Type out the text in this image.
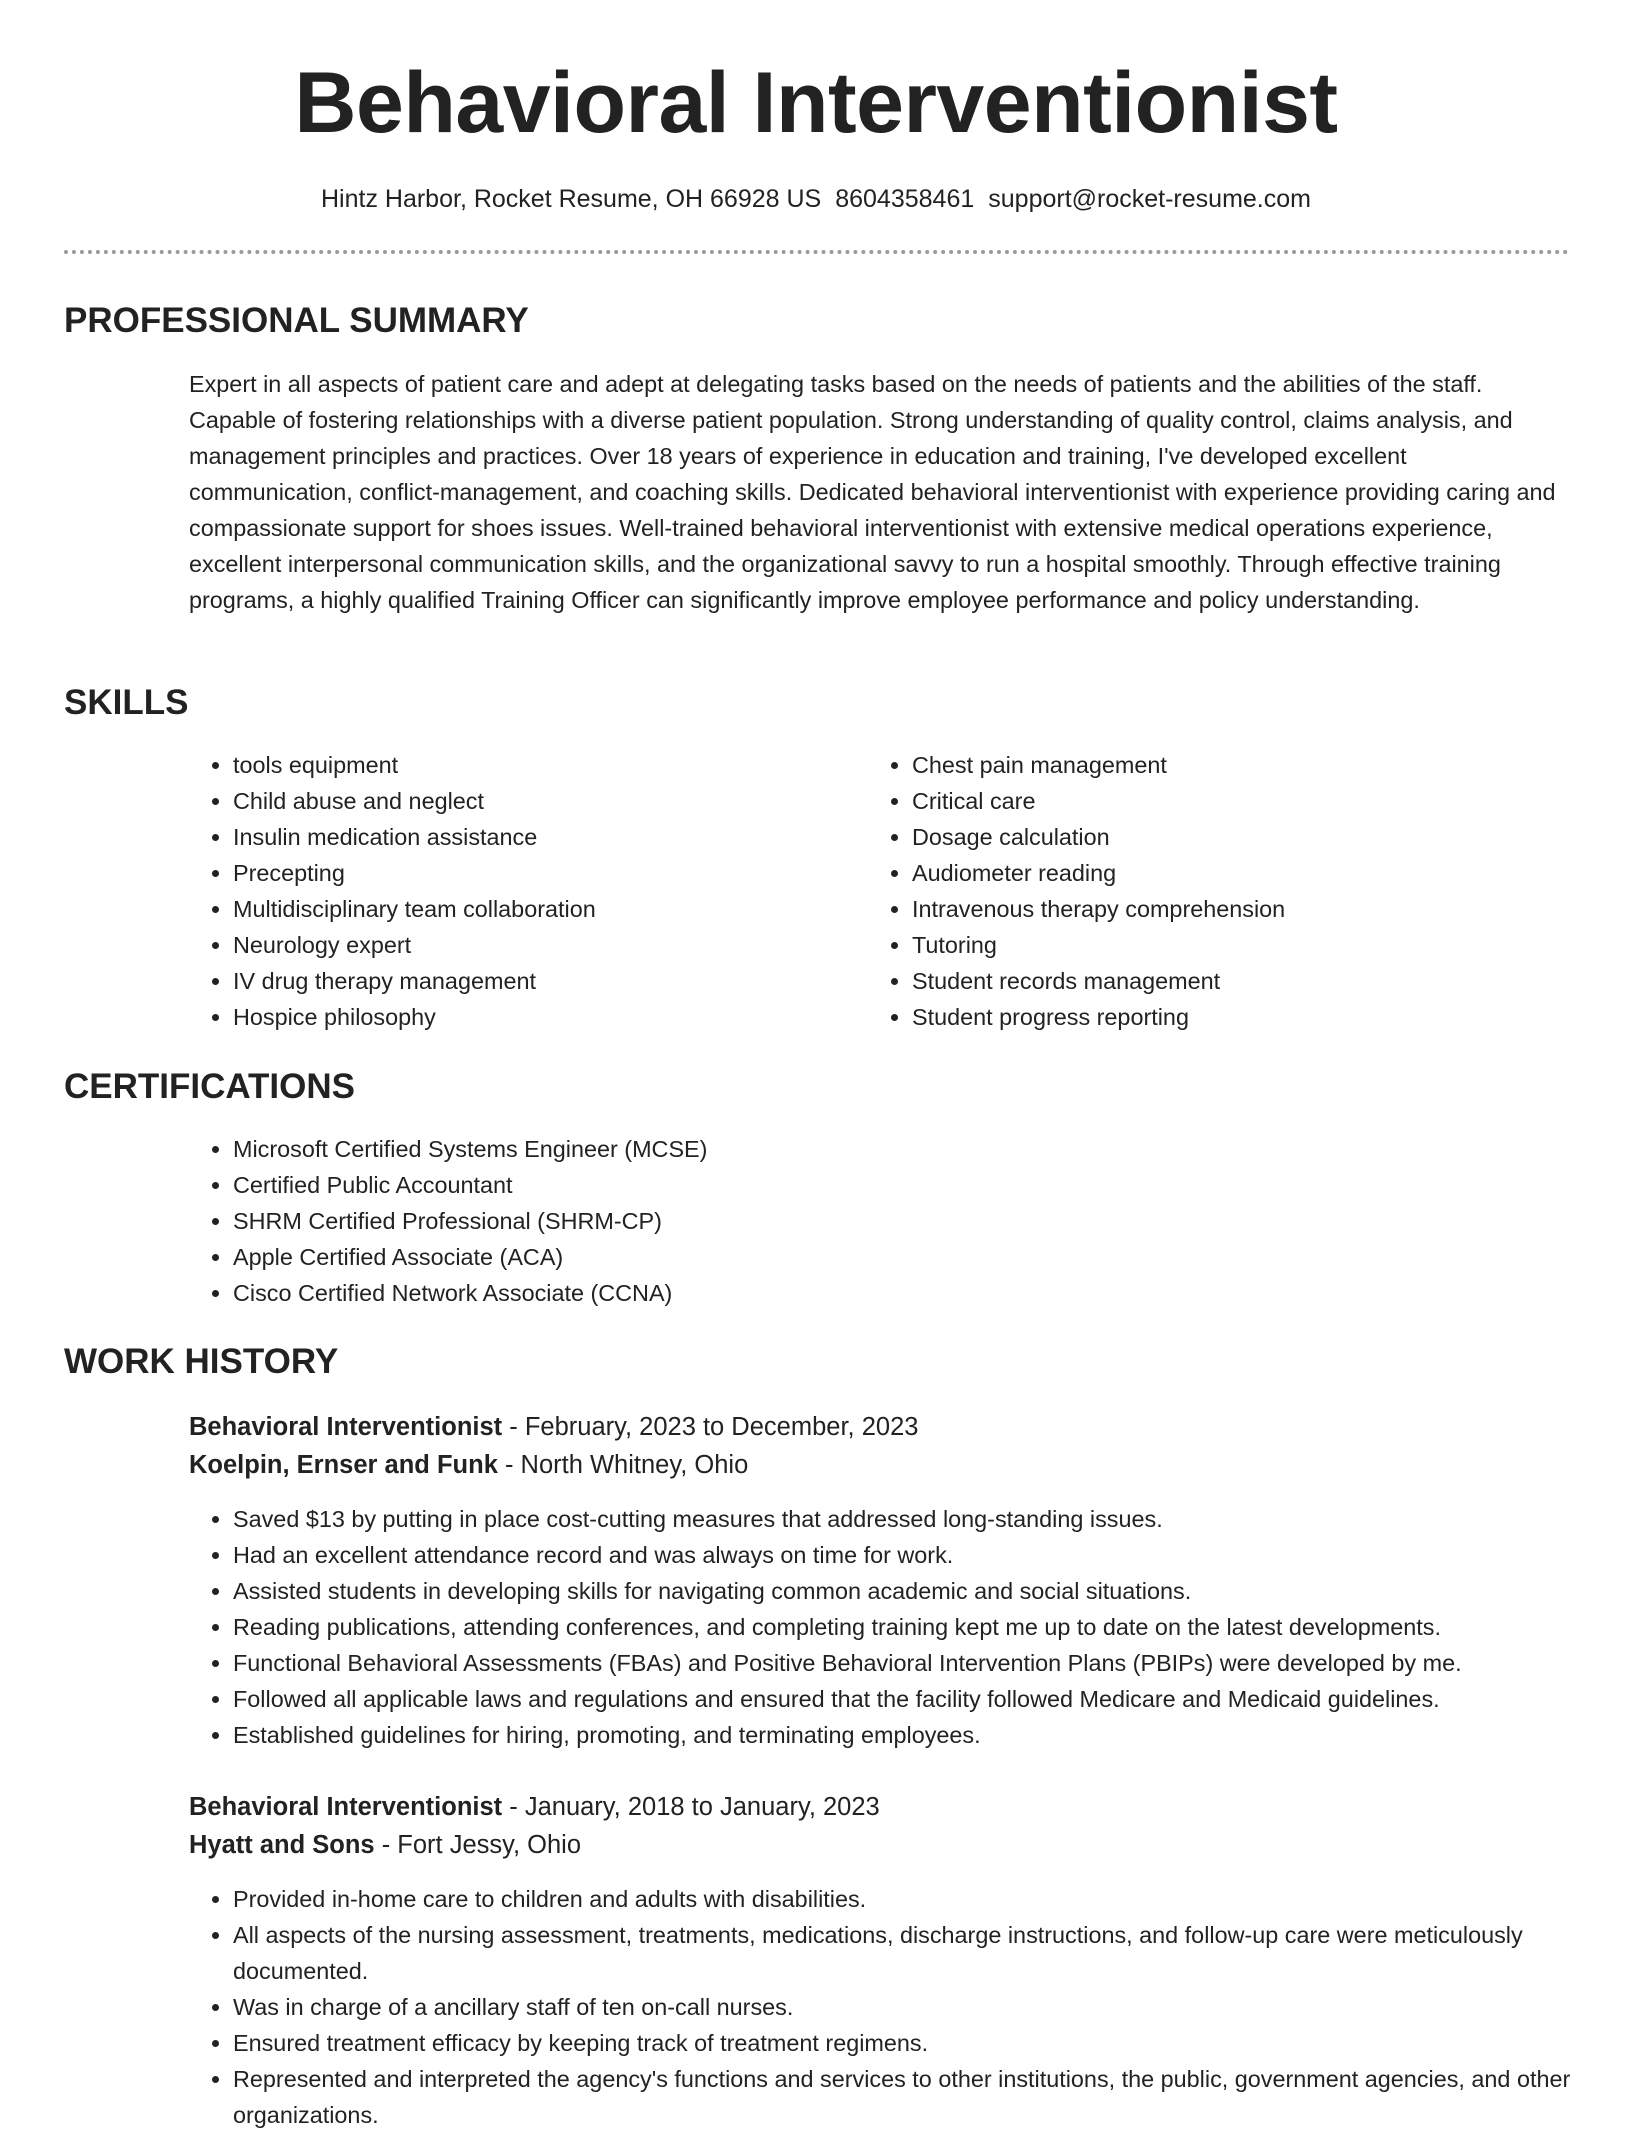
Behavioral Interventionist
Hintz Harbor, Rocket Resume, OH 66928 US 8604358461 support@rocket-resume.com
PROFESSIONAL SUMMARY

Expert in all aspects of patient care and adept at delegating tasks based on the needs of patients and the abilities of the staff. Capable of fostering relationships with a diverse patient population. Strong understanding of quality control, claims analysis, and management principles and practices. Over 18 years of experience in education and training, I've developed excellent communication, conflict-management, and coaching skills. Dedicated behavioral interventionist with experience providing caring and compassionate support for shoes issues. Well-trained behavioral interventionist with extensive medical operations experience, excellent interpersonal communication skills, and the organizational savvy to run a hospital smoothly. Through effective training programs, a highly qualified Training Officer can significantly improve employee performance and policy understanding.

SKILLS
• tools equipment
• Child abuse and neglect
• Insulin medication assistance
• Precepting
• Multidisciplinary team collaboration
• Neurology expert
• IV drug therapy management
• Hospice philosophy
• Chest pain management
• Critical care
• Dosage calculation
• Audiometer reading
• Intravenous therapy comprehension
• Tutoring
• Student records management
• Student progress reporting
CERTIFICATIONS
• Microsoft Certified Systems Engineer (MCSE)
• Certified Public Accountant
• SHRM Certified Professional (SHRM-CP)
• Apple Certified Associate (ACA)
• Cisco Certified Network Associate (CCNA)
WORK HISTORY
Behavioral Interventionist - February, 2023 to December, 2023
Koelpin, Ernser and Funk - North Whitney, Ohio
• Saved $13 by putting in place cost-cutting measures that addressed long-standing issues.
• Had an excellent attendance record and was always on time for work.
• Assisted students in developing skills for navigating common academic and social situations.
• Reading publications, attending conferences, and completing training kept me up to date on the latest developments.
• Functional Behavioral Assessments (FBAs) and Positive Behavioral Intervention Plans (PBIPs) were developed by me.
• Followed all applicable laws and regulations and ensured that the facility followed Medicare and Medicaid guidelines.
• Established guidelines for hiring, promoting, and terminating employees.
Behavioral Interventionist - January, 2018 to January, 2023
Hyatt and Sons - Fort Jessy, Ohio
• Provided in-home care to children and adults with disabilities.
• All aspects of the nursing assessment, treatments, medications, discharge instructions, and follow-up care were meticulously documented.
• Was in charge of a ancillary staff of ten on-call nurses.
• Ensured treatment efficacy by keeping track of treatment regimens.
• Represented and interpreted the agency's functions and services to other institutions, the public, government agencies, and other organizations.
